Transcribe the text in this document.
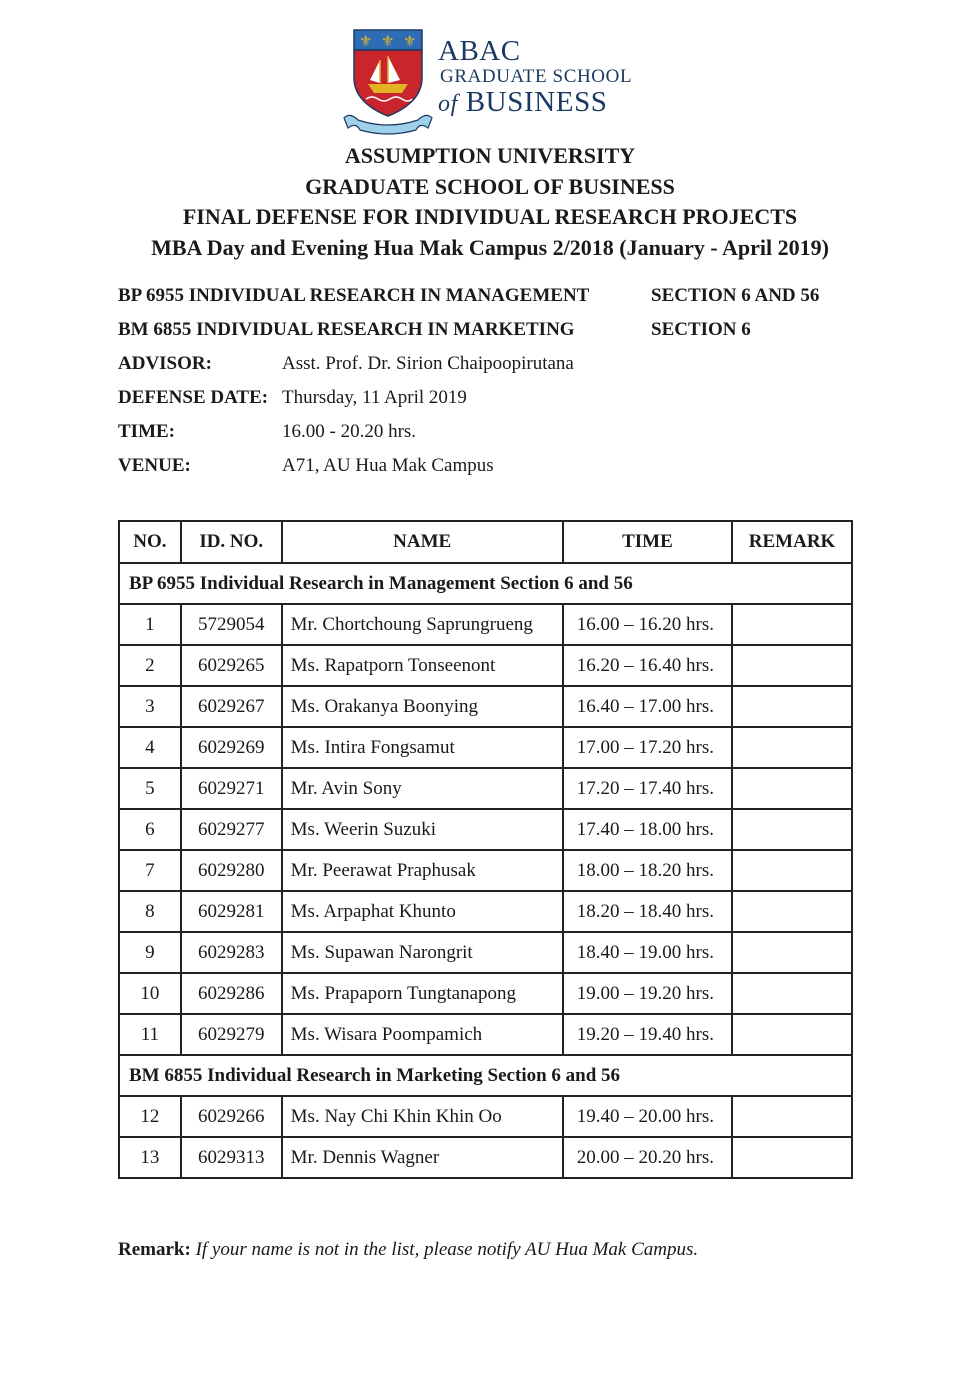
⚜ ⚜ ⚜ ABAC
GRADUATE SCHOOL
of BUSINESS
ASSUMPTION UNIVERSITY
GRADUATE SCHOOL OF BUSINESS
FINAL DEFENSE FOR INDIVIDUAL RESEARCH PROJECTS
MBA Day and Evening Hua Mak Campus 2/2018 (January - April 2019)
BP 6955 INDIVIDUAL RESEARCH IN MANAGEMENT	SECTION 6 AND 56
BM 6855 INDIVIDUAL RESEARCH IN MARKETING	SECTION 6
ADVISOR:	Asst. Prof. Dr. Sirion Chaipoopirutana
DEFENSE DATE: Thursday, 11 April 2019
TIME:	16.00 - 20.20 hrs.
VENUE:	A71, AU Hua Mak Campus
NO.	ID. NO.	NAME	TIME	REMARK
BP 6955 Individual Research in Management Section 6 and 56				
1	5729054	Mr. Chortchoung Saprungrueng	16.00 – 16.20 hrs.	
2	6029265	Ms. Rapatporn Tonseenont	16.20 – 16.40 hrs.	
3	6029267	Ms. Orakanya Boonying	16.40 – 17.00 hrs.	
4	6029269	Ms. Intira Fongsamut	17.00 – 17.20 hrs.	
5	6029271	Mr. Avin Sony	17.20 – 17.40 hrs.	
6	6029277	Ms. Weerin Suzuki	17.40 – 18.00 hrs.	
7	6029280	Mr. Peerawat Praphusak	18.00 – 18.20 hrs.	
8	6029281	Ms. Arpaphat Khunto	18.20 – 18.40 hrs.	
9	6029283	Ms. Supawan Narongrit	18.40 – 19.00 hrs.	
10	6029286	Ms. Prapaporn Tungtanapong	19.00 – 19.20 hrs.	
11	6029279	Ms. Wisara Poompamich	19.20 – 19.40 hrs.	
BM 6855 Individual Research in Marketing Section 6 and 56				
12	6029266	Ms. Nay Chi Khin Khin Oo	19.40 – 20.00 hrs.	
13	6029313	Mr. Dennis Wagner	20.00 – 20.20 hrs.	
Remark: If your name is not in the list, please notify AU Hua Mak Campus.
